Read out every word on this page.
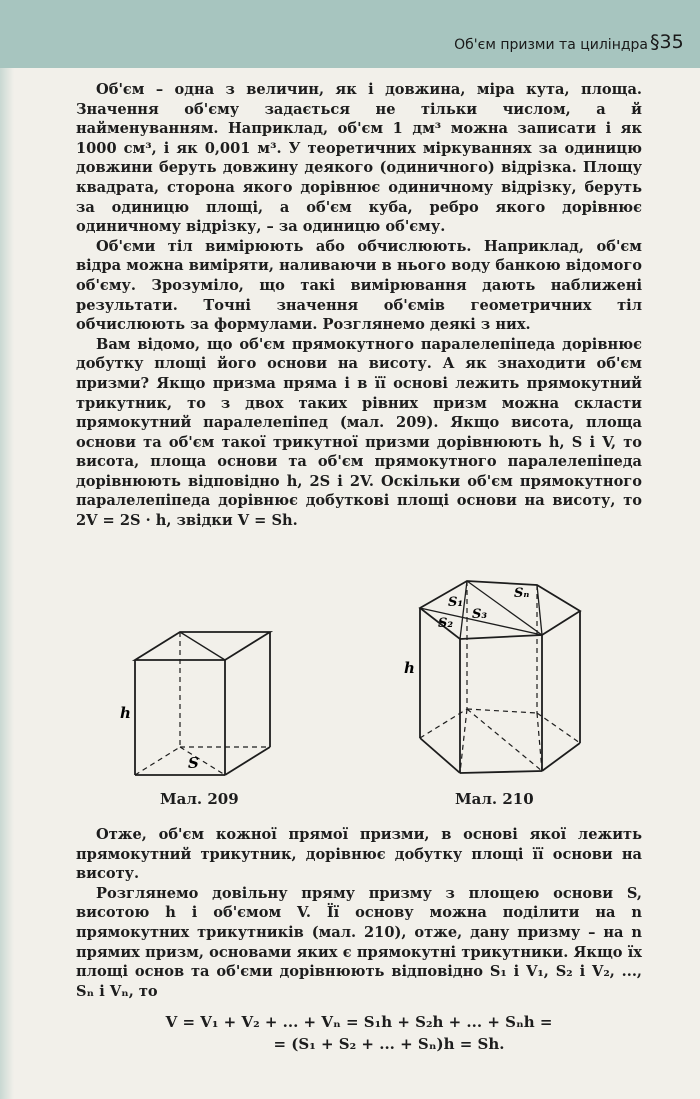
Об'єм призми та циліндра §35

Об'єм – одна з величин, як і довжина, міра кута, площа. Значення об'єму задається не тільки числом, а й найменуванням. Наприклад, об'єм 1 дм³ можна записати і як 1000 см³, і як 0,001 м³. У теоретичних міркуваннях за одиницю довжини беруть довжину деякого (одиничного) відрізка. Площу квадрата, сторона якого дорівнює одиничному відрізку, беруть за одиницю площі, а об'єм куба, ребро якого дорівнює одиничному відрізку, – за одиницю об'єму.

Об'єми тіл вимірюють або обчислюють. Наприклад, об'єм відра можна виміряти, наливаючи в нього воду банкою відомого об'єму. Зрозуміло, що такі вимірювання дають наближені результати. Точні значення об'ємів геометричних тіл обчислюють за формулами. Розглянемо деякі з них.

Вам відомо, що об'єм прямокутного паралелепіпеда дорівнює добутку площі його основи на висоту. А як знаходити об'єм призми? Якщо призма пряма і в її основі лежить прямокутний трикутник, то з двох таких рівних призм можна скласти прямокутний паралелепіпед (мал. 209). Якщо висота, площа основи та об'єм такої трикутної призми дорівнюють h, S і V, то висота, площа основи та об'єм прямокутного паралелепіпеда дорівнюють відповідно h, 2S і 2V. Оскільки об'єм прямокутного паралелепіпеда дорівнює добуткові площі основи на висоту, то 2V = 2S · h, звідки V = Sh.

h
S
Мал. 209
h
S₁
S₂
S₃
Sₙ
Мал. 210

Отже, об'єм кожної прямої призми, в основі якої лежить прямокутний трикутник, дорівнює добутку площі її основи на висоту.

Розглянемо довільну пряму призму з площею основи S, висотою h і об'ємом V. Її основу можна поділити на n прямокутних трикутників (мал. 210), отже, дану призму – на n прямих призм, основами яких є прямокутні трикутники. Якщо їх площі основ та об'єми дорівнюють відповідно S₁ і V₁, S₂ і V₂, ..., Sₙ і Vₙ, то

V = V₁ + V₂ + ... + Vₙ = S₁h + S₂h + ... + Sₙh =
= (S₁ + S₂ + ... + Sₙ)h = Sh.
